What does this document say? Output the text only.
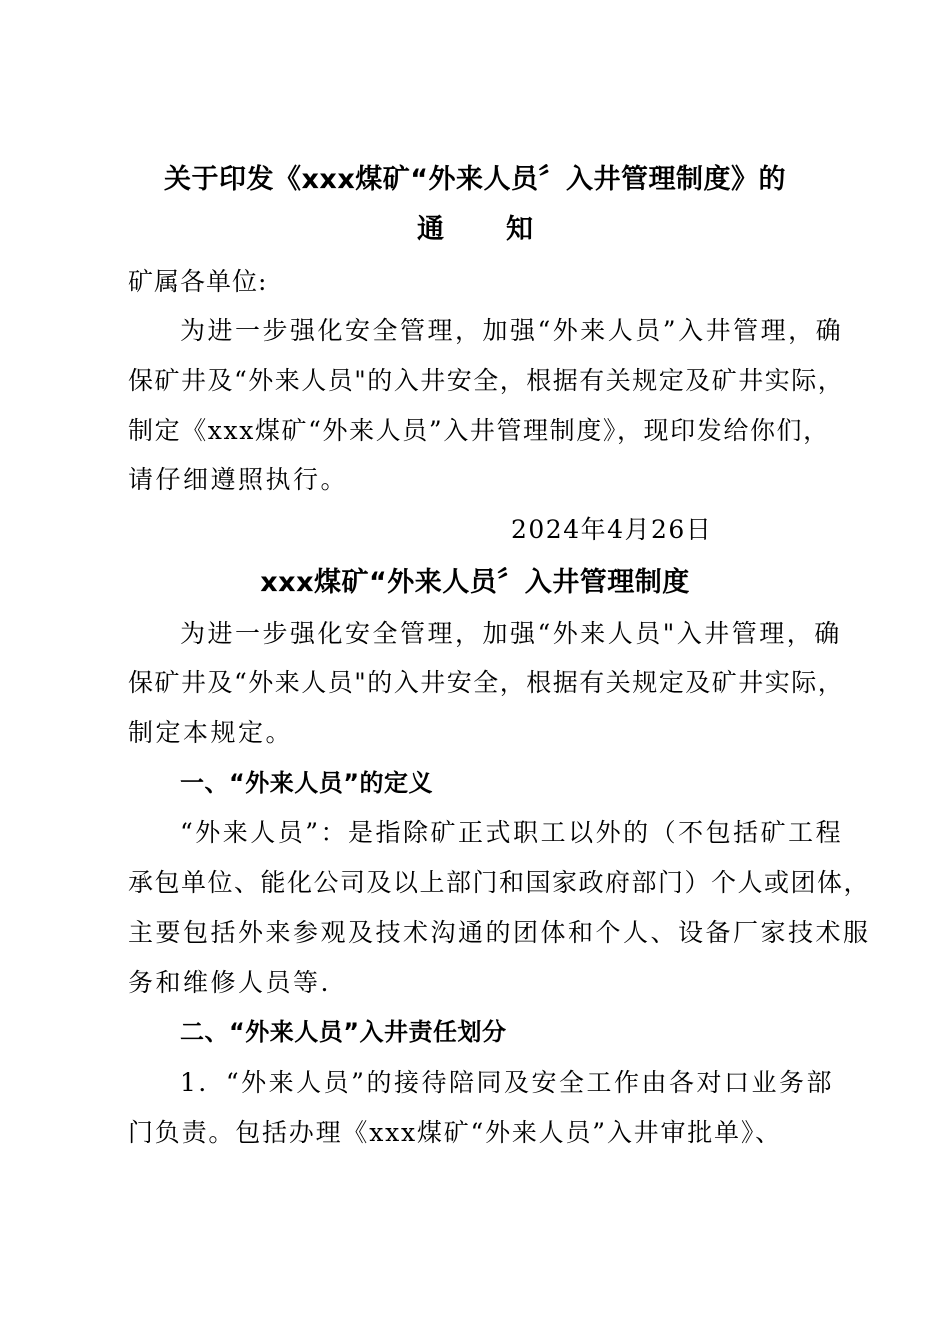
关于印发《xxx煤矿“外来人员〞入井管理制度》的
通 知
矿属各单位:
为进一步强化安全管理，加强“外来人员”入井管理，确
保矿井及“外来人员"的入井安全，根据有关规定及矿井实际，
制定《xxx煤矿“外来人员”入井管理制度》，现印发给你们，
请仔细遵照执行。
2024年4月26日
xxx煤矿“外来人员〞入井管理制度
为进一步强化安全管理，加强“外来人员"入井管理，确
保矿井及“外来人员"的入井安全，根据有关规定及矿井实际，
制定本规定。
一、“外来人员”的定义
“外来人员”：是指除矿正式职工以外的（不包括矿工程
承包单位、能化公司及以上部门和国家政府部门）个人或团体，
主要包括外来参观及技术沟通的团体和个人、设备厂家技术服
务和维修人员等.
二、“外来人员”入井责任划分
1．“外来人员”的接待陪同及安全工作由各对口业务部
门负责。包括办理《xxx煤矿“外来人员”入井审批单》、
